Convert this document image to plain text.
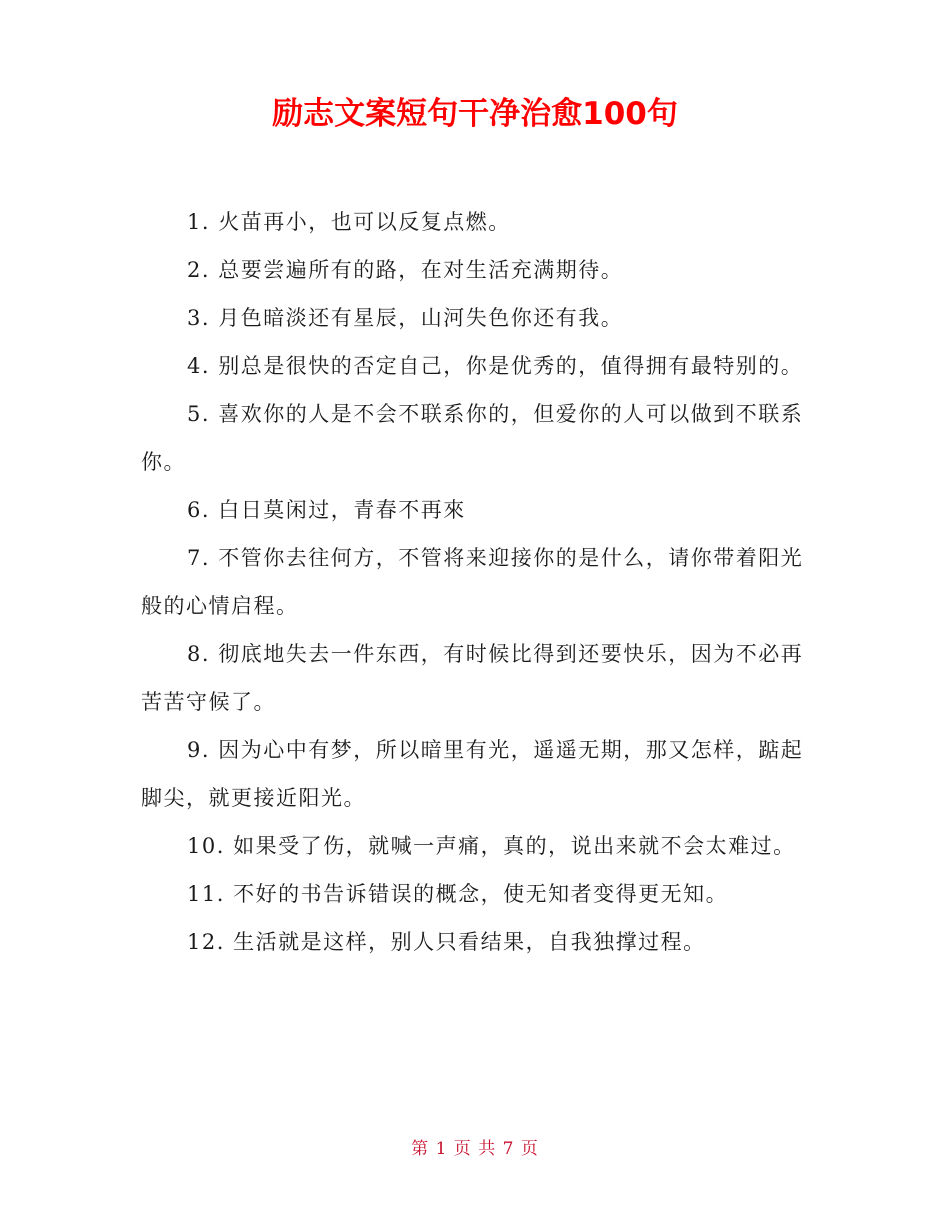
励志文案短句干净治愈100句

1. 火苗再小，也可以反复点燃。

2. 总要尝遍所有的路，在对生活充满期待。

3. 月色暗淡还有星辰，山河失色你还有我。

4. 别总是很快的否定自己，你是优秀的，值得拥有最特别的。

5. 喜欢你的人是不会不联系你的，但爱你的人可以做到不联系你。

6. 白日莫闲过，青春不再來

7. 不管你去往何方，不管将来迎接你的是什么，请你带着阳光般的心情启程。

8. 彻底地失去一件东西，有时候比得到还要快乐，因为不必再苦苦守候了。

9. 因为心中有梦，所以暗里有光，遥遥无期，那又怎样，踮起脚尖，就更接近阳光。

10. 如果受了伤，就喊一声痛，真的，说出来就不会太难过。

11. 不好的书告诉错误的概念，使无知者变得更无知。

12. 生活就是这样，别人只看结果，自我独撑过程。

第 1 页 共 7 页
